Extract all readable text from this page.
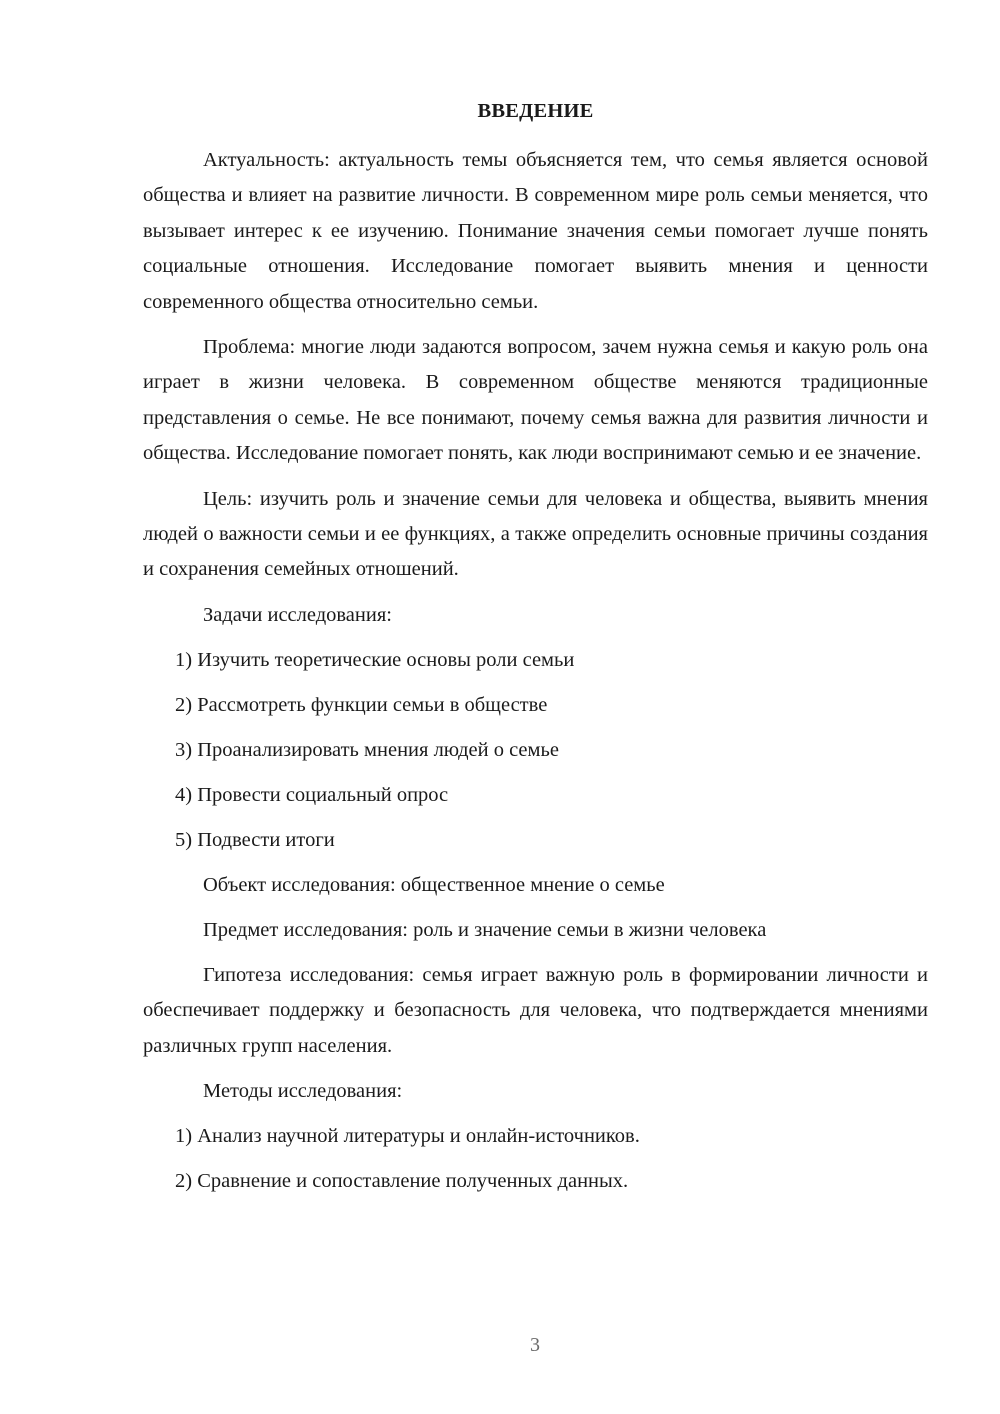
ВВЕДЕНИЕ

Актуальность: актуальность темы объясняется тем, что семья является основой общества и влияет на развитие личности. В современном мире роль семьи меняется, что вызывает интерес к ее изучению. Понимание значения семьи помогает лучше понять социальные отношения. Исследование помогает выявить мнения и ценности современного общества относительно семьи.

Проблема: многие люди задаются вопросом, зачем нужна семья и какую роль она играет в жизни человека. В современном обществе меняются традиционные представления о семье. Не все понимают, почему семья важна для развития личности и общества. Исследование помогает понять, как люди воспринимают семью и ее значение.

Цель: изучить роль и значение семьи для человека и общества, выявить мнения людей о важности семьи и ее функциях, а также определить основные причины создания и сохранения семейных отношений.

Задачи исследования:
1) Изучить теоретические основы роли семьи
2) Рассмотреть функции семьи в обществе
3) Проанализировать мнения людей о семье
4) Провести социальный опрос
5) Подвести итоги
Объект исследования: общественное мнение о семье
Предмет исследования: роль и значение семьи в жизни человека

Гипотеза исследования: семья играет важную роль в формировании личности и обеспечивает поддержку и безопасность для человека, что подтверждается мнениями различных групп населения.

Методы исследования:
1) Анализ научной литературы и онлайн-источников.
2) Сравнение и сопоставление полученных данных.
3
